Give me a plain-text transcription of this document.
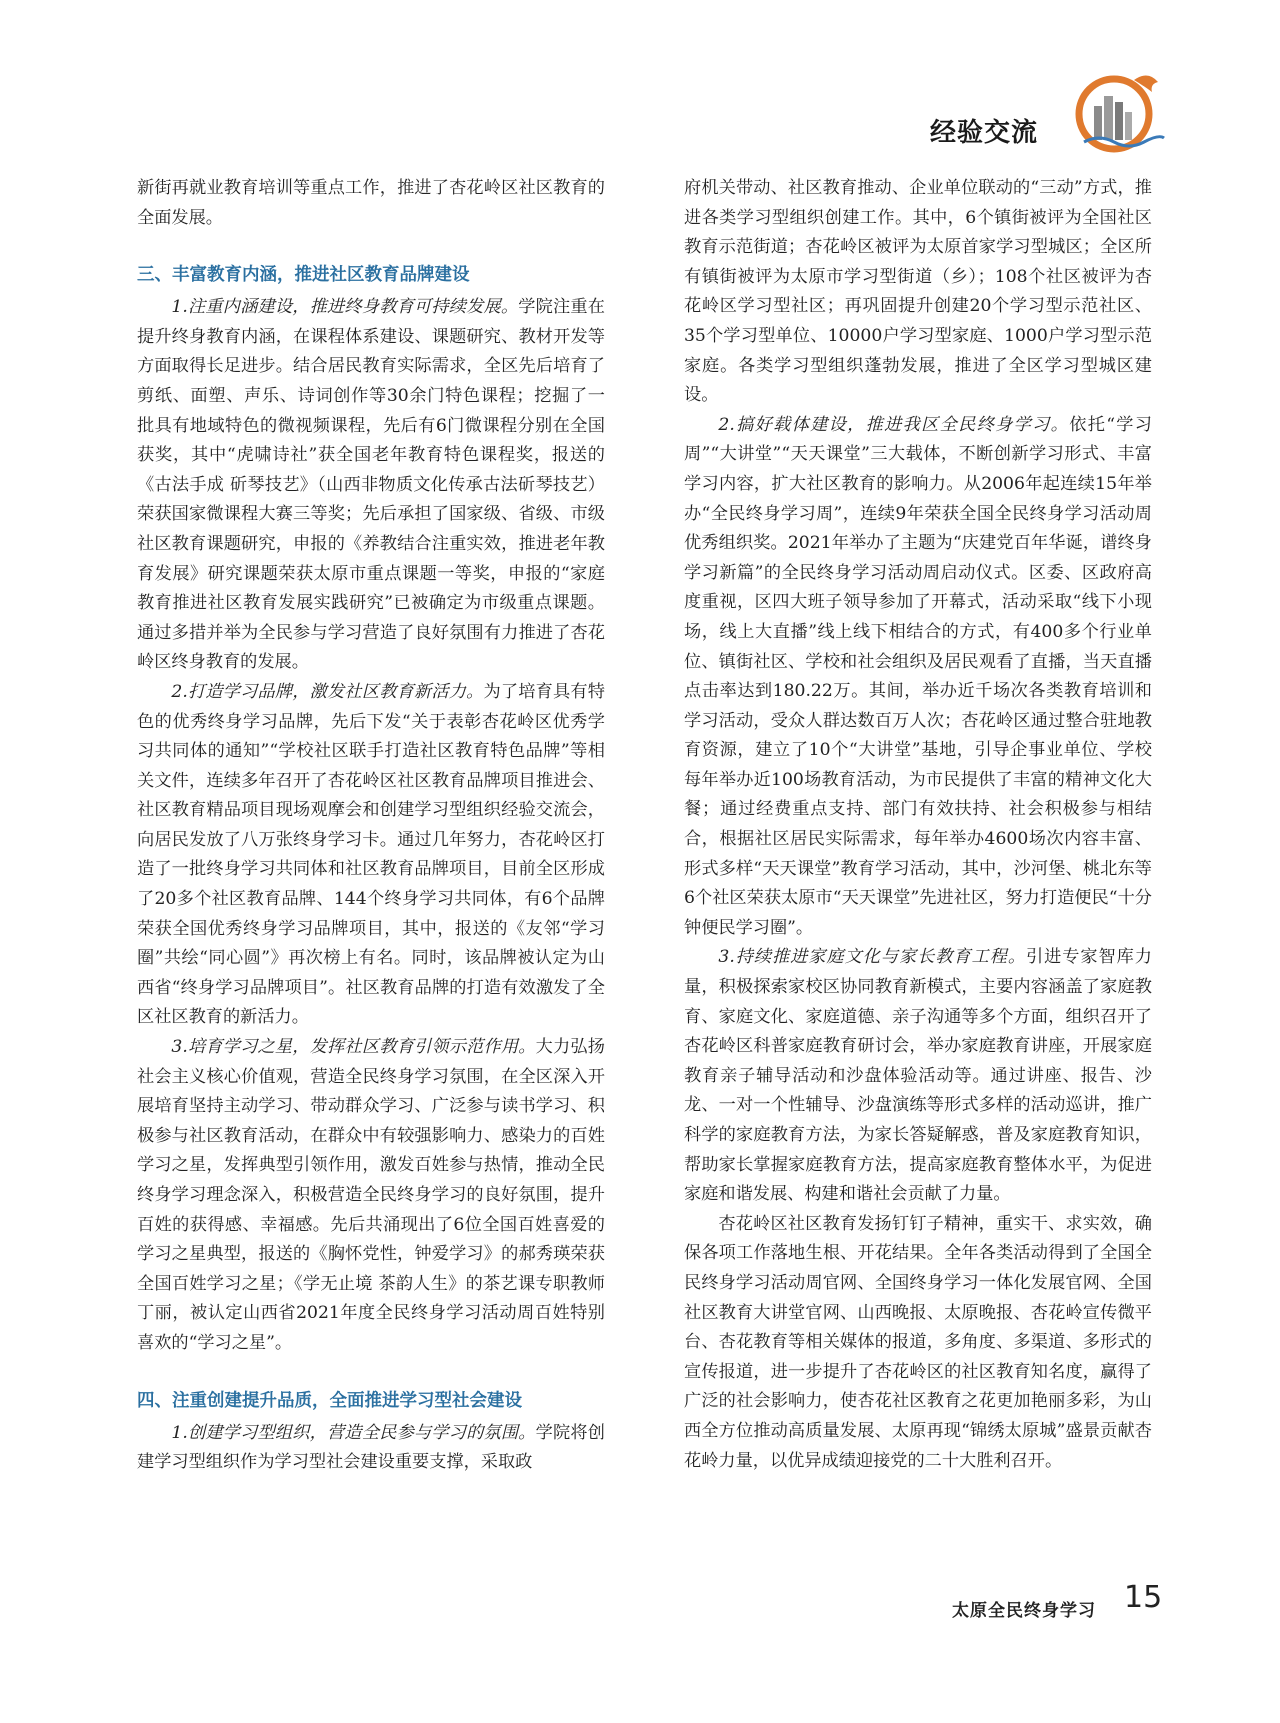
经验交流

新街再就业教育培训等重点工作，推进了杏花岭区社区教育的全面发展。

三、丰富教育内涵，推进社区教育品牌建设

1.注重内涵建设，推进终身教育可持续发展。学院注重在提升终身教育内涵，在课程体系建设、课题研究、教材开发等方面取得长足进步。结合居民教育实际需求，全区先后培育了剪纸、面塑、声乐、诗词创作等30余门特色课程；挖掘了一批具有地域特色的微视频课程，先后有6门微课程分别在全国获奖，其中“虎啸诗社”获全国老年教育特色课程奖，报送的《古法手成 斫琴技艺》（山西非物质文化传承古法斫琴技艺）荣获国家微课程大赛三等奖；先后承担了国家级、省级、市级社区教育课题研究，申报的《养教结合注重实效，推进老年教育发展》研究课题荣获太原市重点课题一等奖，申报的“家庭教育推进社区教育发展实践研究”已被确定为市级重点课题。通过多措并举为全民参与学习营造了良好氛围有力推进了杏花岭区终身教育的发展。

2.打造学习品牌，激发社区教育新活力。为了培育具有特色的优秀终身学习品牌，先后下发“关于表彰杏花岭区优秀学习共同体的通知”“学校社区联手打造社区教育特色品牌”等相关文件，连续多年召开了杏花岭区社区教育品牌项目推进会、社区教育精品项目现场观摩会和创建学习型组织经验交流会，向居民发放了八万张终身学习卡。通过几年努力，杏花岭区打造了一批终身学习共同体和社区教育品牌项目，目前全区形成了20多个社区教育品牌、144个终身学习共同体，有6个品牌荣获全国优秀终身学习品牌项目，其中，报送的《友邻“学习圈”共绘“同心圆”》再次榜上有名。同时，该品牌被认定为山西省“终身学习品牌项目”。社区教育品牌的打造有效激发了全区社区教育的新活力。

3.培育学习之星，发挥社区教育引领示范作用。大力弘扬社会主义核心价值观，营造全民终身学习氛围，在全区深入开展培育坚持主动学习、带动群众学习、广泛参与读书学习、积极参与社区教育活动，在群众中有较强影响力、感染力的百姓学习之星，发挥典型引领作用，激发百姓参与热情，推动全民终身学习理念深入，积极营造全民终身学习的良好氛围，提升百姓的获得感、幸福感。先后共涌现出了6位全国百姓喜爱的学习之星典型，报送的《胸怀党性，钟爱学习》的郝秀瑛荣获全国百姓学习之星；《学无止境 茶韵人生》的茶艺课专职教师丁丽，被认定山西省2021年度全民终身学习活动周百姓特别喜欢的“学习之星”。

四、注重创建提升品质，全面推进学习型社会建设

1.创建学习型组织，营造全民参与学习的氛围。学院将创建学习型组织作为学习型社会建设重要支撑，采取政

府机关带动、社区教育推动、企业单位联动的“三动”方式，推进各类学习型组织创建工作。其中，6个镇街被评为全国社区教育示范街道；杏花岭区被评为太原首家学习型城区；全区所有镇街被评为太原市学习型街道（乡）；108个社区被评为杏花岭区学习型社区；再巩固提升创建20个学习型示范社区、35个学习型单位、10000户学习型家庭、1000户学习型示范家庭。各类学习型组织蓬勃发展，推进了全区学习型城区建设。

2.搞好载体建设，推进我区全民终身学习。依托“学习周”“大讲堂”“天天课堂”三大载体，不断创新学习形式、丰富学习内容，扩大社区教育的影响力。从2006年起连续15年举办“全民终身学习周”，连续9年荣获全国全民终身学习活动周优秀组织奖。2021年举办了主题为“庆建党百年华诞，谱终身学习新篇”的全民终身学习活动周启动仪式。区委、区政府高度重视，区四大班子领导参加了开幕式，活动采取“线下小现场，线上大直播”线上线下相结合的方式，有400多个行业单位、镇街社区、学校和社会组织及居民观看了直播，当天直播点击率达到180.22万。其间，举办近千场次各类教育培训和学习活动，受众人群达数百万人次；杏花岭区通过整合驻地教育资源，建立了10个“大讲堂”基地，引导企事业单位、学校每年举办近100场教育活动，为市民提供了丰富的精神文化大餐；通过经费重点支持、部门有效扶持、社会积极参与相结合，根据社区居民实际需求，每年举办4600场次内容丰富、形式多样“天天课堂”教育学习活动，其中，沙河堡、桃北东等6个社区荣获太原市“天天课堂”先进社区，努力打造便民“十分钟便民学习圈”。

3.持续推进家庭文化与家长教育工程。引进专家智库力量，积极探索家校区协同教育新模式，主要内容涵盖了家庭教育、家庭文化、家庭道德、亲子沟通等多个方面，组织召开了杏花岭区科普家庭教育研讨会，举办家庭教育讲座，开展家庭教育亲子辅导活动和沙盘体验活动等。通过讲座、报告、沙龙、一对一个性辅导、沙盘演练等形式多样的活动巡讲，推广科学的家庭教育方法，为家长答疑解惑，普及家庭教育知识，帮助家长掌握家庭教育方法，提高家庭教育整体水平，为促进家庭和谐发展、构建和谐社会贡献了力量。

杏花岭区社区教育发扬钉钉子精神，重实干、求实效，确保各项工作落地生根、开花结果。全年各类活动得到了全国全民终身学习活动周官网、全国终身学习一体化发展官网、全国社区教育大讲堂官网、山西晚报、太原晚报、杏花岭宣传微平台、杏花教育等相关媒体的报道，多角度、多渠道、多形式的宣传报道，进一步提升了杏花岭区的社区教育知名度，赢得了广泛的社会影响力，使杏花社区教育之花更加艳丽多彩，为山西全方位推动高质量发展、太原再现“锦绣太原城”盛景贡献杏花岭力量，以优异成绩迎接党的二十大胜利召开。

太原全民终身学习 15
